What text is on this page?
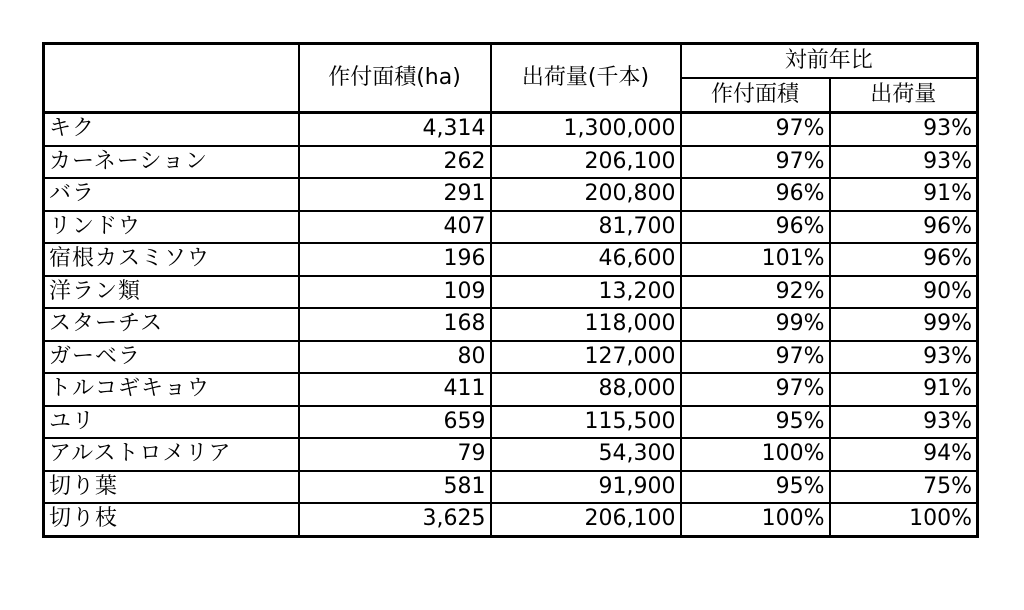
	作付面積(ha)	出荷量(千本)	対前年比	
			作付面積	出荷量
キク	4,314	1,300,000	97%	93%
カーネーション	262	206,100	97%	93%
バラ	291	200,800	96%	91%
リンドウ	407	81,700	96%	96%
宿根カスミソウ	196	46,600	101%	96%
洋ラン類	109	13,200	92%	90%
スターチス	168	118,000	99%	99%
ガーベラ	80	127,000	97%	93%
トルコギキョウ	411	88,000	97%	91%
ユリ	659	115,500	95%	93%
アルストロメリア	79	54,300	100%	94%
切り葉	581	91,900	95%	75%
切り枝	3,625	206,100	100%	100%
